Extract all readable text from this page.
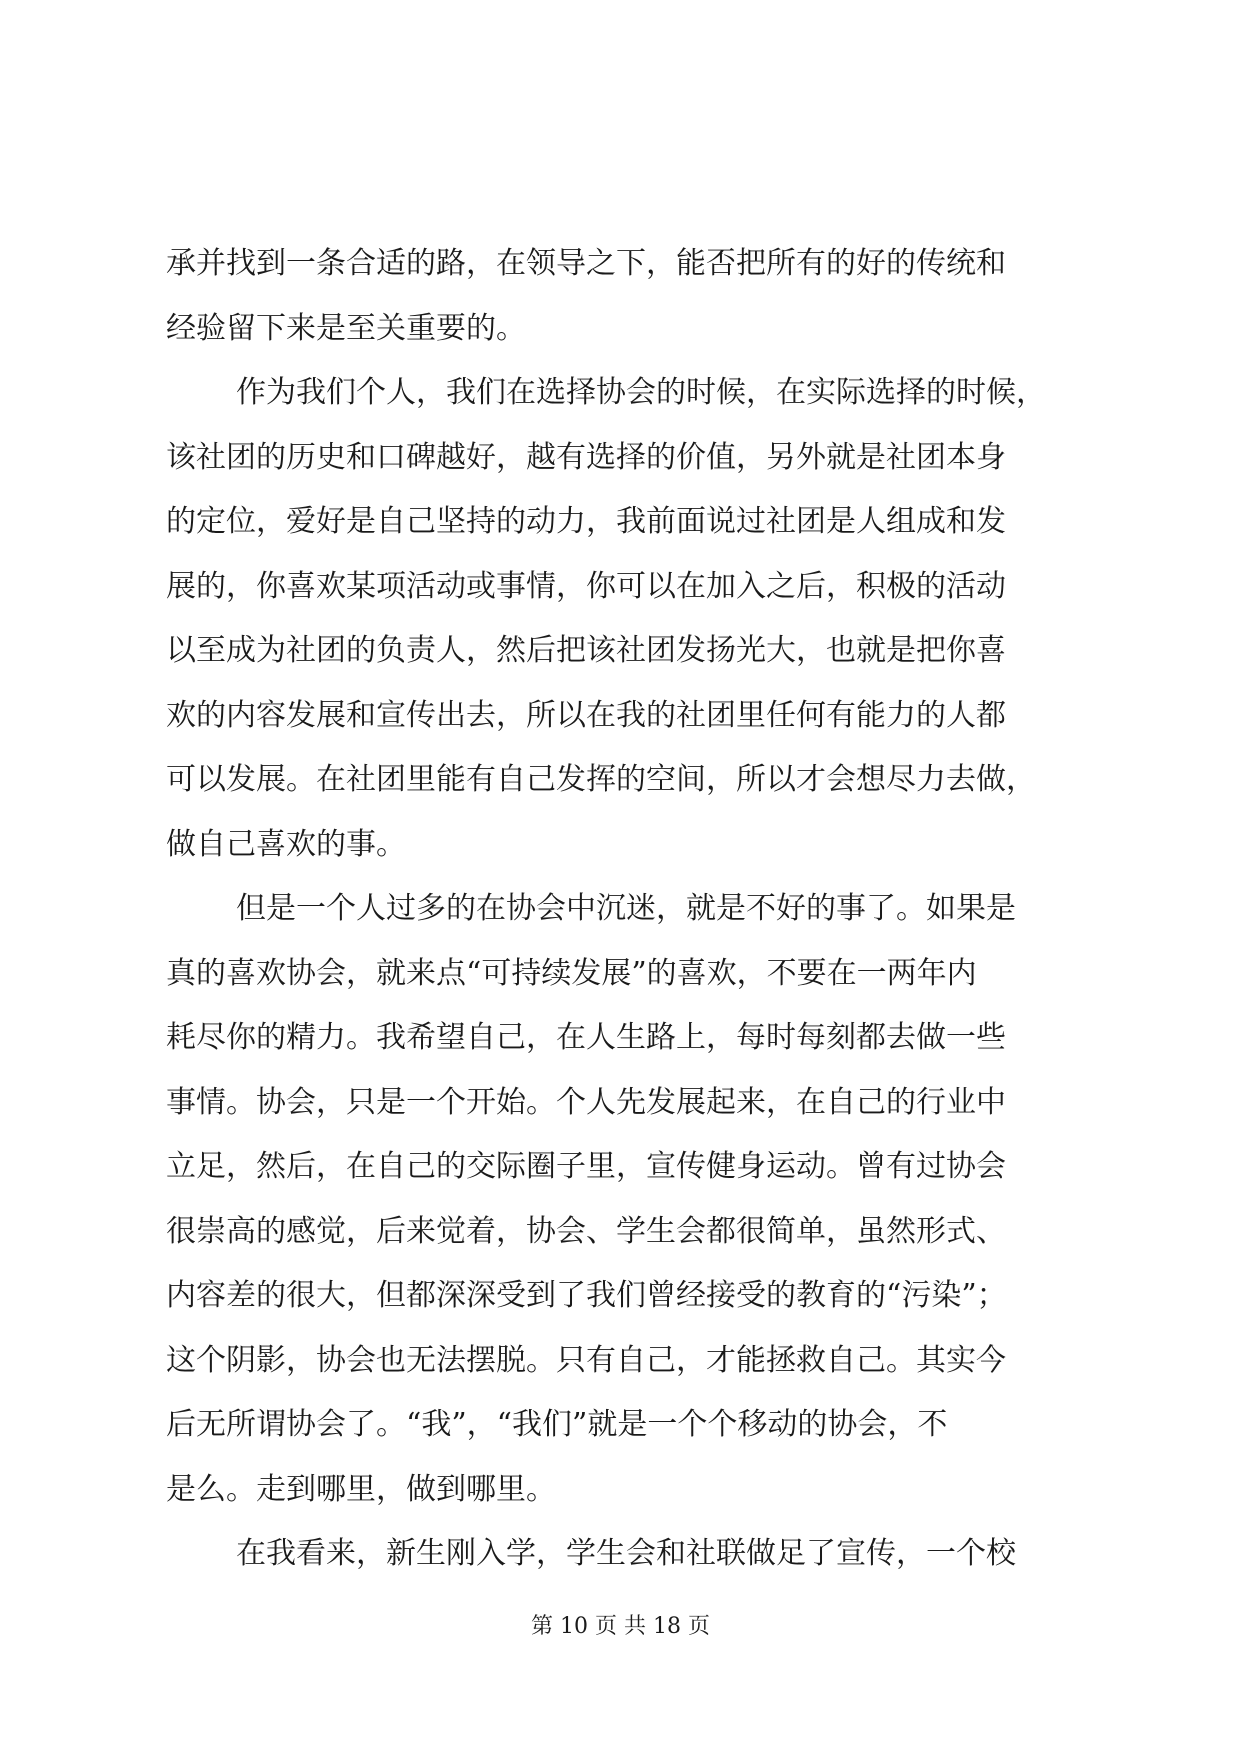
承并找到一条合适的路，在领导之下，能否把所有的好的传统和
经验留下来是至关重要的。
作为我们个人，我们在选择协会的时候，在实际选择的时候，
该社团的历史和口碑越好，越有选择的价值，另外就是社团本身
的定位，爱好是自己坚持的动力，我前面说过社团是人组成和发
展的，你喜欢某项活动或事情，你可以在加入之后，积极的活动
以至成为社团的负责人，然后把该社团发扬光大，也就是把你喜
欢的内容发展和宣传出去，所以在我的社团里任何有能力的人都
可以发展。在社团里能有自己发挥的空间，所以才会想尽力去做，
做自己喜欢的事。
但是一个人过多的在协会中沉迷，就是不好的事了。如果是
真的喜欢协会，就来点“可持续发展”的喜欢，不要在一两年内
耗尽你的精力。我希望自己，在人生路上，每时每刻都去做一些
事情。协会，只是一个开始。个人先发展起来，在自己的行业中
立足，然后，在自己的交际圈子里，宣传健身运动。曾有过协会
很崇高的感觉，后来觉着，协会、学生会都很简单，虽然形式、
内容差的很大，但都深深受到了我们曾经接受的教育的“污染”；
这个阴影，协会也无法摆脱。只有自己，才能拯救自己。其实今
后无所谓协会了。“我”，“我们”就是一个个移动的协会，不
是么。走到哪里，做到哪里。
在我看来，新生刚入学，学生会和社联做足了宣传，一个校
第 10 页 共 18 页
